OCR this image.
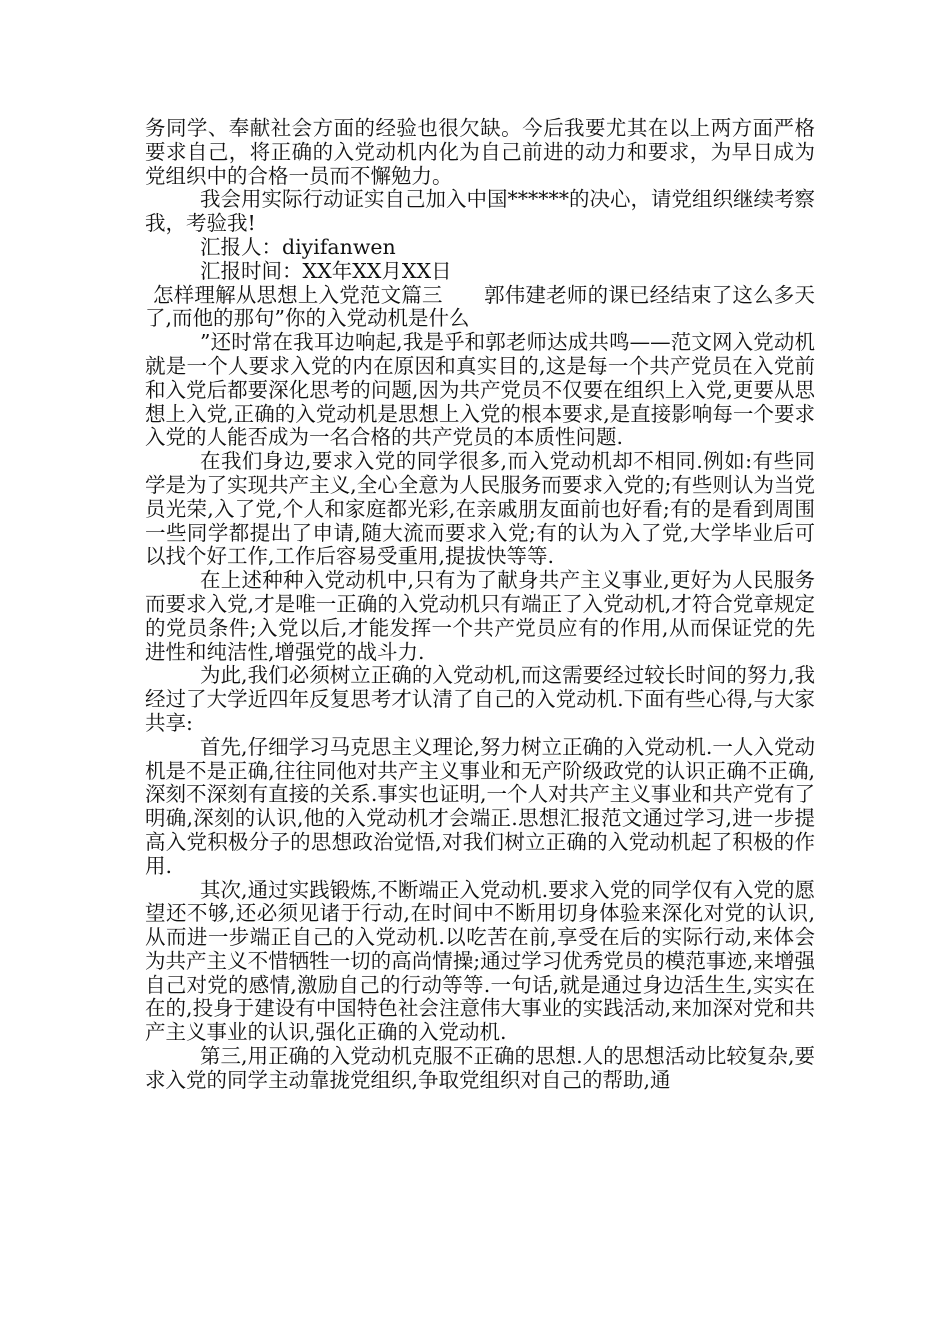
务同学、奉献社会方面的经验也很欠缺。今后我要尤其在以上两方面严格要求自己，将正确的入党动机内化为自己前进的动力和要求，为早日成为党组织中的合格一员而不懈勉力。

我会用实际行动证实自己加入中国******的决心，请党组织继续考察我，考验我!

汇报人：diyifanwen

汇报时间：XX年XX月XX日

怎样理解从思想上入党范文篇三　　郭伟建老师的课已经结束了这么多天了,而他的那句”你的入党动机是什么

”还时常在我耳边响起,我是乎和郭老师达成共鸣——范文网入党动机就是一个人要求入党的内在原因和真实目的,这是每一个共产党员在入党前和入党后都要深化思考的问题,因为共产党员不仅要在组织上入党,更要从思想上入党,正确的入党动机是思想上入党的根本要求,是直接影响每一个要求入党的人能否成为一名合格的共产党员的本质性问题.

在我们身边,要求入党的同学很多,而入党动机却不相同.例如:有些同学是为了实现共产主义,全心全意为人民服务而要求入党的;有些则认为当党员光荣,入了党,个人和家庭都光彩,在亲戚朋友面前也好看;有的是看到周围一些同学都提出了申请,随大流而要求入党;有的认为入了党,大学毕业后可以找个好工作,工作后容易受重用,提拔快等等.

在上述种种入党动机中,只有为了献身共产主义事业,更好为人民服务而要求入党,才是唯一正确的入党动机只有端正了入党动机,才符合党章规定的党员条件;入党以后,才能发挥一个共产党员应有的作用,从而保证党的先进性和纯洁性,增强党的战斗力.

为此,我们必须树立正确的入党动机,而这需要经过较长时间的努力,我经过了大学近四年反复思考才认清了自己的入党动机.下面有些心得,与大家共享:

首先,仔细学习马克思主义理论,努力树立正确的入党动机.一人入党动机是不是正确,往往同他对共产主义事业和无产阶级政党的认识正确不正确,深刻不深刻有直接的关系.事实也证明,一个人对共产主义事业和共产党有了明确,深刻的认识,他的入党动机才会端正.思想汇报范文通过学习,进一步提高入党积极分子的思想政治觉悟,对我们树立正确的入党动机起了积极的作用.

其次,通过实践锻炼,不断端正入党动机.要求入党的同学仅有入党的愿望还不够,还必须见诸于行动,在时间中不断用切身体验来深化对党的认识,从而进一步端正自己的入党动机.以吃苦在前,享受在后的实际行动,来体会为共产主义不惜牺牲一切的高尚情操;通过学习优秀党员的模范事迹,来增强自己对党的感情,激励自己的行动等等.一句话,就是通过身边活生生,实实在在的,投身于建设有中国特色社会注意伟大事业的实践活动,来加深对党和共产主义事业的认识,强化正确的入党动机.

第三,用正确的入党动机克服不正确的思想.人的思想活动比较复杂,要求入党的同学主动靠拢党组织,争取党组织对自己的帮助,通
